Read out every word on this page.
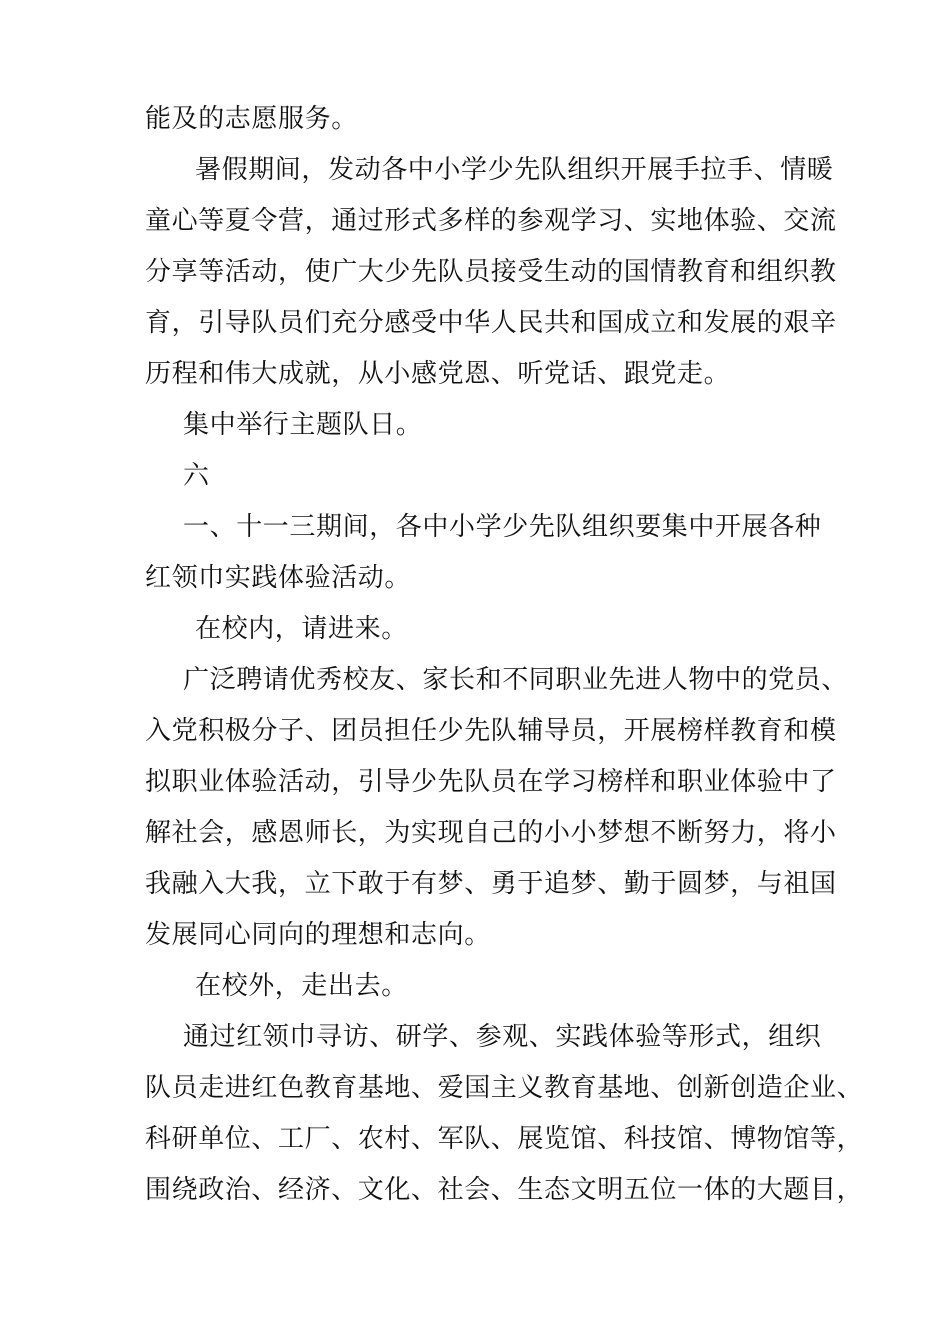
能及的志愿服务。
暑假期间，发动各中小学少先队组织开展手拉手、情暖
童心等夏令营，通过形式多样的参观学习、实地体验、交流
分享等活动，使广大少先队员接受生动的国情教育和组织教
育，引导队员们充分感受中华人民共和国成立和发展的艰辛
历程和伟大成就，从小感党恩、听党话、跟党走。
集中举行主题队日。
六
一、十一三期间，各中小学少先队组织要集中开展各种
红领巾实践体验活动。
在校内，请进来。
广泛聘请优秀校友、家长和不同职业先进人物中的党员、
入党积极分子、团员担任少先队辅导员，开展榜样教育和模
拟职业体验活动，引导少先队员在学习榜样和职业体验中了
解社会，感恩师长，为实现自己的小小梦想不断努力，将小
我融入大我，立下敢于有梦、勇于追梦、勤于圆梦，与祖国
发展同心同向的理想和志向。
在校外，走出去。
通过红领巾寻访、研学、参观、实践体验等形式，组织
队员走进红色教育基地、爱国主义教育基地、创新创造企业、
科研单位、工厂、农村、军队、展览馆、科技馆、博物馆等，
围绕政治、经济、文化、社会、生态文明五位一体的大题目，
